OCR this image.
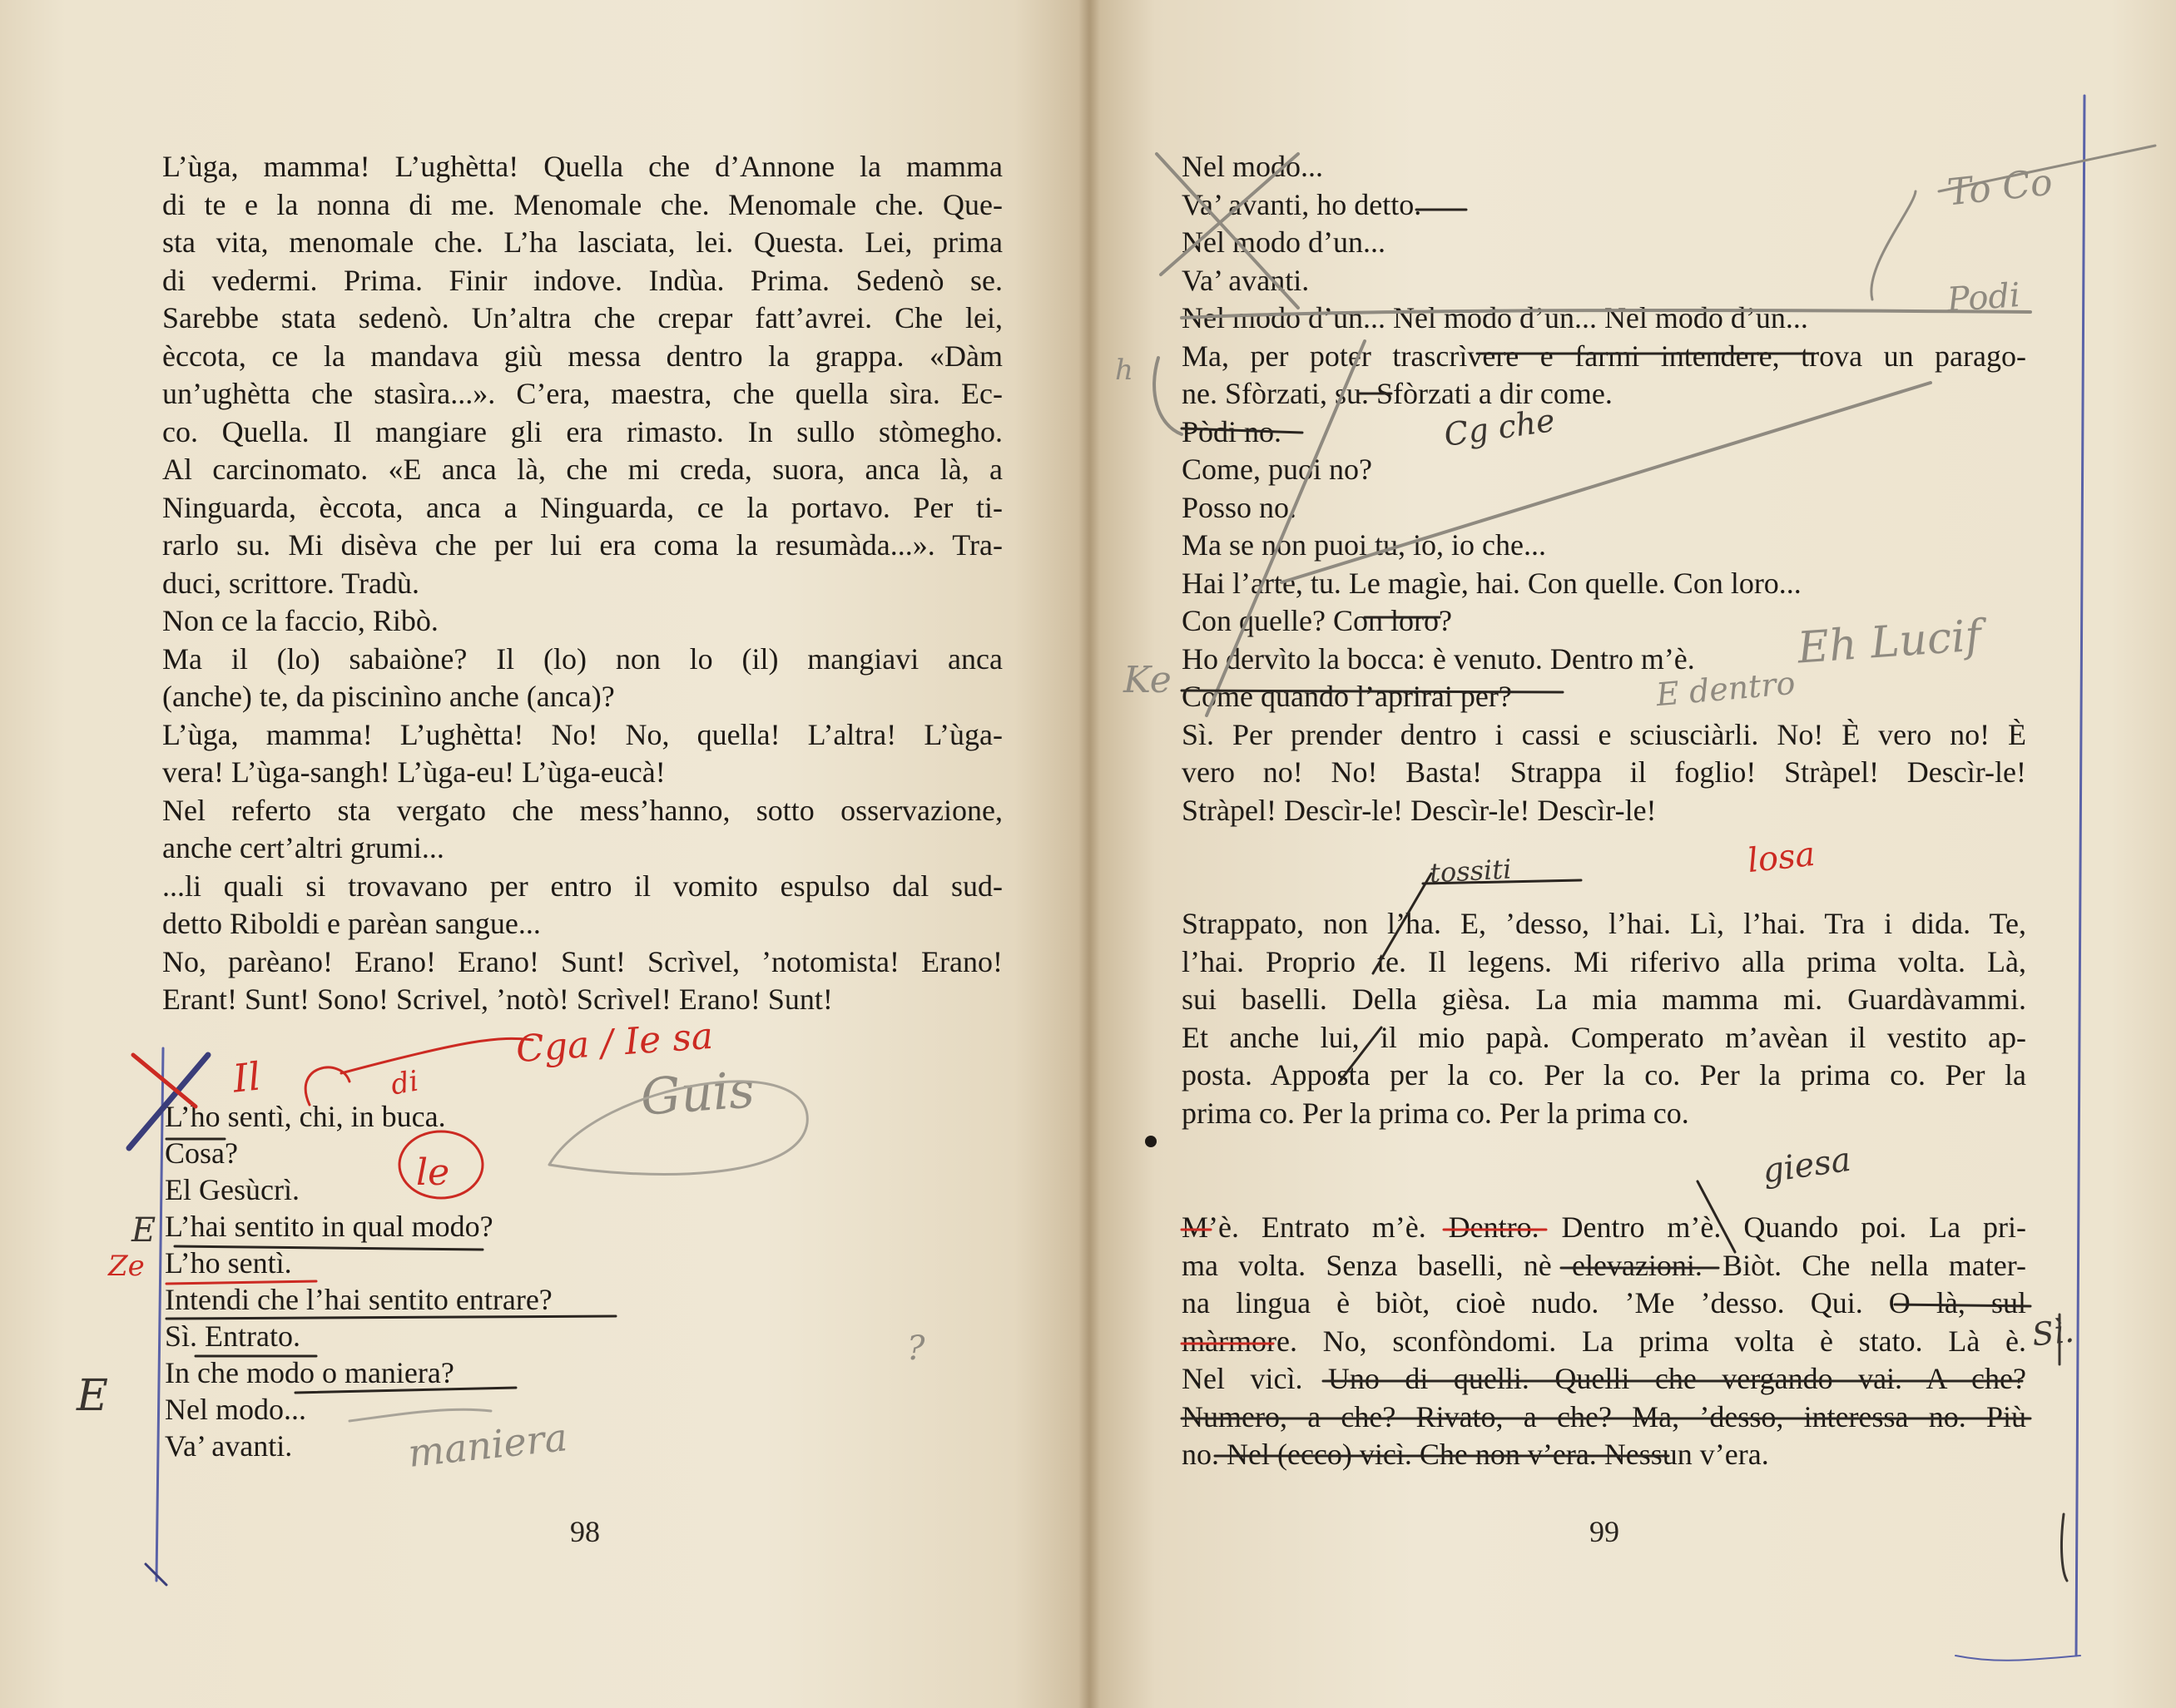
L’ùga, mamma! L’ughètta! Quella che d’Annone la mamma
di te e la nonna di me. Menomale che. Menomale che. Que-
sta vita, menomale che. L’ha lasciata, lei. Questa. Lei, prima
di vedermi. Prima. Finir indove. Indùa. Prima. Sedenò se.
Sarebbe stata sedenò. Un’altra che crepar fatt’avrei. Che lei,
èccota, ce la mandava giù messa dentro la grappa. «Dàm
un’ughètta che stasìra...». C’era, maestra, che quella sìra. Ec-
co. Quella. Il mangiare gli era rimasto. In sullo stòmegho.
Al carcinomato. «E anca là, che mi creda, suora, anca là, a
Ninguarda, èccota, anca a Ninguarda, ce la portavo. Per ti-
rarlo su. Mi disèva che per lui era coma la resumàda...». Tra-
duci, scrittore. Tradù.
Non ce la faccio, Ribò.
Ma il (lo) sabaiòne? Il (lo) non lo (il) mangiavi anca
(anche) te, da piscinìno anche (anca)?
L’ùga, mamma! L’ughètta! No! No, quella! L’altra! L’ùga-
vera! L’ùga-sangh! L’ùga-eu! L’ùga-eucà!
Nel referto sta vergato che mess’hanno, sotto osservazione,
anche cert’altri grumi...
...li quali si trovavano per entro il vomito espulso dal sud-
detto Riboldi e parèan sangue...
No, parèano! Erano! Erano! Sunt! Scrìvel, ’notomista! Erano!
Erant! Sunt! Sono! Scrivel, ’notò! Scrìvel! Erano! Sunt!
L’ho sentì, chi, in buca.
Cosa?
El Gesùcrì.
L’hai sentito in qual modo?
L’ho sentì.
Intendi che l’hai sentito entrare?
Sì. Entrato.
In che modo o maniera?
Nel modo...
Va’ avanti.
98
Nel modo...
Va’ avanti, ho detto.
Nel modo d’un...
Va’ avanti.
Nel modo d’un... Nel modo d’un... Nel modo d’un...
Ma, per poter trascrìvere e farmi intendere, trova un parago-
ne. Sfòrzati, su. Sfòrzati a dir come.
Pòdi no.
Come, puoi no?
Posso no.
Ma se non puoi tu, io, io che...
Hai l’arte, tu. Le magìe, hai. Con quelle. Con loro...
Con quelle? Con loro?
Ho dervìto la bocca: è venuto. Dentro m’è.
Come quando l’aprirai per?
Sì. Per prender dentro i cassi e sciusciàrli. No! È vero no! È
vero no! No! Basta! Strappa il foglio! Stràpel! Descìr-le!
Stràpel! Descìr-le! Descìr-le! Descìr-le!
Strappato, non l’ha. E, ’desso, l’hai. Lì, l’hai. Tra i dida. Te,
l’hai. Proprio te. Il legens. Mi riferivo alla prima volta. Là,
sui baselli. Della gièsa. La mia mamma mi. Guardàvammi.
Et anche lui, il mio papà. Comperato m’avèan il vestito ap-
posta. Apposta per la co. Per la co. Per la prima co. Per la
prima co. Per la prima co. Per la prima co.
M’è. Entrato m’è. Dentro. Dentro m’è. Quando poi. La pri-
ma volta. Senza baselli, nè elevazioni. Biòt. Che nella mater-
na lingua è biòt, cioè nudo. ’Me ’desso. Qui. O là, sul
màrmore. No, sconfòndomi. La prima volta è stato. Là è.
Nel vicì. Uno di quelli. Quelli che vergando vai. A che?
Numero, a che? Rivato, a che? Ma, ’desso, interessa no. Più
no. Nel (ecco) vicì. Che non v’era. Nessun v’era.
99
Cga / Ie sa
Il	di
le
Guis
maniera
Ze
E
E
To Co
Podi
h
Cg che
Ke
Eh Lucif
E dentro
losa
tossiti
giesa
Sì.
?
